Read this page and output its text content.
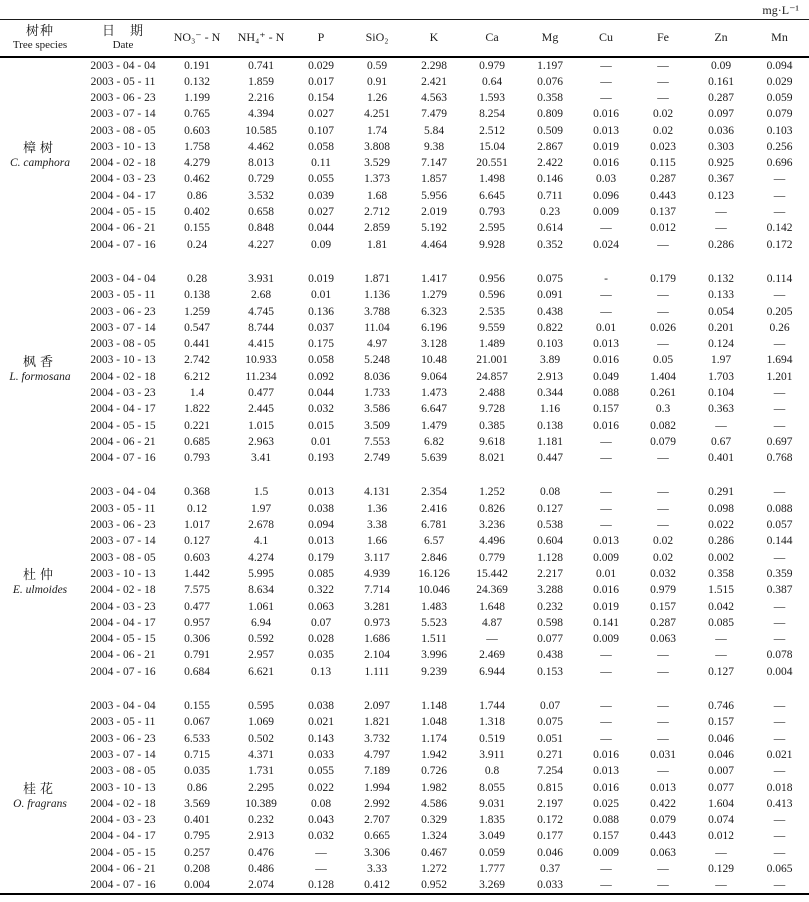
mg·L⁻¹
树种
Tree species

日　期
Date
	NO₃⁻ - N	NH₄⁺ - N	P	SiO₂	K	Ca	Mg	Cu	Fe	Zn	Mn

樟树
C. camphora	2003 - 04 - 04	0.191	0.741	0.029	0.59	2.298	0.979	1.197	—	—	0.09	0.094
	2003 - 05 - 11	0.132	1.859	0.017	0.91	2.421	0.64	0.076	—	—	0.161	0.029
	2003 - 06 - 23	1.199	2.216	0.154	1.26	4.563	1.593	0.358	—	—	0.287	0.059
	2003 - 07 - 14	0.765	4.394	0.027	4.251	7.479	8.254	0.809	0.016	0.02	0.097	0.079
	2003 - 08 - 05	0.603	10.585	0.107	1.74	5.84	2.512	0.509	0.013	0.02	0.036	0.103
	2003 - 10 - 13	1.758	4.462	0.058	3.808	9.38	15.04	2.867	0.019	0.023	0.303	0.256
	2004 - 02 - 18	4.279	8.013	0.11	3.529	7.147	20.551	2.422	0.016	0.115	0.925	0.696
	2004 - 03 - 23	0.462	0.729	0.055	1.373	1.857	1.498	0.146	0.03	0.287	0.367	—
	2004 - 04 - 17	0.86	3.532	0.039	1.68	5.956	6.645	0.711	0.096	0.443	0.123	—
	2004 - 05 - 15	0.402	0.658	0.027	2.712	2.019	0.793	0.23	0.009	0.137	—	—
	2004 - 06 - 21	0.155	0.848	0.044	2.859	5.192	2.595	0.614	—	0.012	—	0.142
	2004 - 07 - 16	0.24	4.227	0.09	1.81	4.464	9.928	0.352	0.024	—	0.286	0.172

枫香
L. formosana	2003 - 04 - 04	0.28	3.931	0.019	1.871	1.417	0.956	0.075	-	0.179	0.132	0.114
	2003 - 05 - 11	0.138	2.68	0.01	1.136	1.279	0.596	0.091	—	—	0.133	—
	2003 - 06 - 23	1.259	4.745	0.136	3.788	6.323	2.535	0.438	—	—	0.054	0.205
	2003 - 07 - 14	0.547	8.744	0.037	11.04	6.196	9.559	0.822	0.01	0.026	0.201	0.26
	2003 - 08 - 05	0.441	4.415	0.175	4.97	3.128	1.489	0.103	0.013	—	0.124	—
	2003 - 10 - 13	2.742	10.933	0.058	5.248	10.48	21.001	3.89	0.016	0.05	1.97	1.694
	2004 - 02 - 18	6.212	11.234	0.092	8.036	9.064	24.857	2.913	0.049	1.404	1.703	1.201
	2004 - 03 - 23	1.4	0.477	0.044	1.733	1.473	2.488	0.344	0.088	0.261	0.104	—
	2004 - 04 - 17	1.822	2.445	0.032	3.586	6.647	9.728	1.16	0.157	0.3	0.363	—
	2004 - 05 - 15	0.221	1.015	0.015	3.509	1.479	0.385	0.138	0.016	0.082	—	—
	2004 - 06 - 21	0.685	2.963	0.01	7.553	6.82	9.618	1.181	—	0.079	0.67	0.697
	2004 - 07 - 16	0.793	3.41	0.193	2.749	5.639	8.021	0.447	—	—	0.401	0.768

杜仲
E. ulmoides	2003 - 04 - 04	0.368	1.5	0.013	4.131	2.354	1.252	0.08	—	—	0.291	—
	2003 - 05 - 11	0.12	1.97	0.038	1.36	2.416	0.826	0.127	—	—	0.098	0.088
	2003 - 06 - 23	1.017	2.678	0.094	3.38	6.781	3.236	0.538	—	—	0.022	0.057
	2003 - 07 - 14	0.127	4.1	0.013	1.66	6.57	4.496	0.604	0.013	0.02	0.286	0.144
	2003 - 08 - 05	0.603	4.274	0.179	3.117	2.846	0.779	1.128	0.009	0.02	0.002	—
	2003 - 10 - 13	1.442	5.995	0.085	4.939	16.126	15.442	2.217	0.01	0.032	0.358	0.359
	2004 - 02 - 18	7.575	8.634	0.322	7.714	10.046	24.369	3.288	0.016	0.979	1.515	0.387
	2004 - 03 - 23	0.477	1.061	0.063	3.281	1.483	1.648	0.232	0.019	0.157	0.042	—
	2004 - 04 - 17	0.957	6.94	0.07	0.973	5.523	4.87	0.598	0.141	0.287	0.085	—
	2004 - 05 - 15	0.306	0.592	0.028	1.686	1.511	—	0.077	0.009	0.063	—	—
	2004 - 06 - 21	0.791	2.957	0.035	2.104	3.996	2.469	0.438	—	—	—	0.078
	2004 - 07 - 16	0.684	6.621	0.13	1.111	9.239	6.944	0.153	—	—	0.127	0.004

桂花
O. fragrans	2003 - 04 - 04	0.155	0.595	0.038	2.097	1.148	1.744	0.07	—	—	0.746	—
	2003 - 05 - 11	0.067	1.069	0.021	1.821	1.048	1.318	0.075	—	—	0.157	—
	2003 - 06 - 23	6.533	0.502	0.143	3.732	1.174	0.519	0.051	—	—	0.046	—
	2003 - 07 - 14	0.715	4.371	0.033	4.797	1.942	3.911	0.271	0.016	0.031	0.046	0.021
	2003 - 08 - 05	0.035	1.731	0.055	7.189	0.726	0.8	7.254	0.013	—	0.007	—
	2003 - 10 - 13	0.86	2.295	0.022	1.994	1.982	8.055	0.815	0.016	0.013	0.077	0.018
	2004 - 02 - 18	3.569	10.389	0.08	2.992	4.586	9.031	2.197	0.025	0.422	1.604	0.413
	2004 - 03 - 23	0.401	0.232	0.043	2.707	0.329	1.835	0.172	0.088	0.079	0.074	—
	2004 - 04 - 17	0.795	2.913	0.032	0.665	1.324	3.049	0.177	0.157	0.443	0.012	—
	2004 - 05 - 15	0.257	0.476	—	3.306	0.467	0.059	0.046	0.009	0.063	—	—
	2004 - 06 - 21	0.208	0.486	—	3.33	1.272	1.777	0.37	—	—	0.129	0.065
	2004 - 07 - 16	0.004	2.074	0.128	0.412	0.952	3.269	0.033	—	—	—	—
